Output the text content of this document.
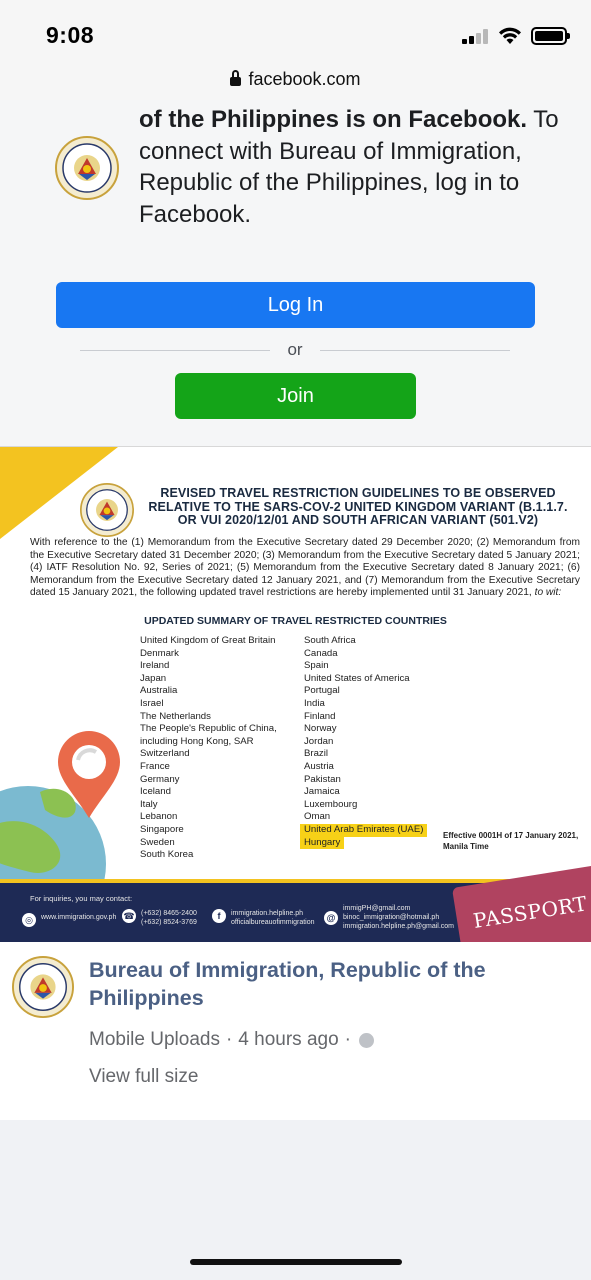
9:08
facebook.com
of the Philippines is on Facebook. To connect with Bureau of Immigration, Republic of the Philippines, log in to Facebook.
Log In
or
Join
REVISED TRAVEL RESTRICTION GUIDELINES TO BE OBSERVED RELATIVE TO THE SARS-COV-2 UNITED KINGDOM VARIANT (B.1.1.7. OR VUI 2020/12/01 AND SOUTH AFRICAN VARIANT (501.V2)
With reference to the (1) Memorandum from the Executive Secretary dated 29 December 2020; (2) Memorandum from the Executive Secretary dated 31 December 2020; (3) Memorandum from the Executive Secretary dated 5 January 2021; (4) IATF Resolution No. 92, Series of 2021; (5) Memorandum from the Executive Secretary dated 8 January 2021; (6) Memorandum from the Executive Secretary dated 12 January 2021, and (7) Memorandum from the Executive Secretary dated 15 January 2021, the following updated travel restrictions are hereby implemented until 31 January 2021, to wit:
UPDATED SUMMARY OF TRAVEL RESTRICTED COUNTRIES
United Kingdom of Great Britain
Denmark
Ireland
Japan
Australia
Israel
The Netherlands
The People's Republic of China,
including Hong Kong, SAR
Switzerland
France
Germany
Iceland
Italy
Lebanon
Singapore
Sweden
South Korea
South Africa
Canada
Spain
United States of America
Portugal
India
Finland
Norway
Jordan
Brazil
Austria
Pakistan
Jamaica
Luxembourg
Oman
United Arab Emirates (UAE)
Hungary
Effective 0001H of 17 January 2021,
Manila Time
For inquiries, you may contact:
◎	www.immigration.gov.ph ☎ (+632) 8465-2400
(+632) 8524-3769
f	immigration.helpline.ph
officialbureauofimmigration @
immigPH@gmail.com
binoc_immigration@hotmail.ph
immigration.helpline.ph@gmail.com PASSPORT
Bureau of Immigration, Republic of the Philippines
Mobile Uploads · 4 hours ago ·
View full size
